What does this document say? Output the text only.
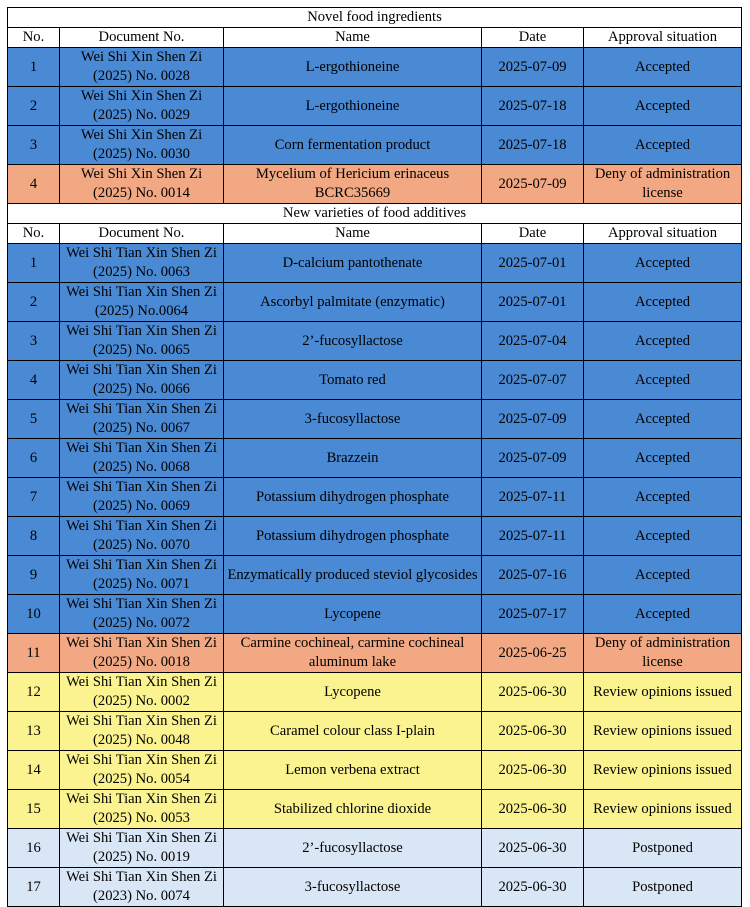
Novel food ingredients				
No.	Document No.	Name	Date	Approval situation
1	Wei Shi Xin Shen Zi (2025) No. 0028	L-ergothioneine	2025-07-09	Accepted
2	Wei Shi Xin Shen Zi (2025) No. 0029	L-ergothioneine	2025-07-18	Accepted
3	Wei Shi Xin Shen Zi (2025) No. 0030	Corn fermentation product	2025-07-18	Accepted
4	Wei Shi Xin Shen Zi (2025) No. 0014	Mycelium of Hericium erinaceus BCRC35669	2025-07-09	Deny of administration license
New varieties of food additives				
No.	Document No.	Name	Date	Approval situation
1	Wei Shi Tian Xin Shen Zi (2025) No. 0063	D-calcium pantothenate	2025-07-01	Accepted
2	Wei Shi Tian Xin Shen Zi (2025) No.0064	Ascorbyl palmitate (enzymatic)	2025-07-01	Accepted
3	Wei Shi Tian Xin Shen Zi (2025) No. 0065	2’-fucosyllactose	2025-07-04	Accepted
4	Wei Shi Tian Xin Shen Zi (2025) No. 0066	Tomato red	2025-07-07	Accepted
5	Wei Shi Tian Xin Shen Zi (2025) No. 0067	3-fucosyllactose	2025-07-09	Accepted
6	Wei Shi Tian Xin Shen Zi (2025) No. 0068	Brazzein	2025-07-09	Accepted
7	Wei Shi Tian Xin Shen Zi (2025) No. 0069	Potassium dihydrogen phosphate	2025-07-11	Accepted
8	Wei Shi Tian Xin Shen Zi (2025) No. 0070	Potassium dihydrogen phosphate	2025-07-11	Accepted
9	Wei Shi Tian Xin Shen Zi (2025) No. 0071	Enzymatically produced steviol glycosides	2025-07-16	Accepted
10	Wei Shi Tian Xin Shen Zi (2025) No. 0072	Lycopene	2025-07-17	Accepted
11	Wei Shi Tian Xin Shen Zi (2025) No. 0018	Carmine cochineal, carmine cochineal aluminum lake	2025-06-25	Deny of administration license
12	Wei Shi Tian Xin Shen Zi (2025) No. 0002	Lycopene	2025-06-30	Review opinions issued
13	Wei Shi Tian Xin Shen Zi (2025) No. 0048	Caramel colour class I-plain	2025-06-30	Review opinions issued
14	Wei Shi Tian Xin Shen Zi (2025) No. 0054	Lemon verbena extract	2025-06-30	Review opinions issued
15	Wei Shi Tian Xin Shen Zi (2025) No. 0053	Stabilized chlorine dioxide	2025-06-30	Review opinions issued
16	Wei Shi Tian Xin Shen Zi (2025) No. 0019	2’-fucosyllactose	2025-06-30	Postponed
17	Wei Shi Tian Xin Shen Zi (2023) No. 0074	3-fucosyllactose	2025-06-30	Postponed
